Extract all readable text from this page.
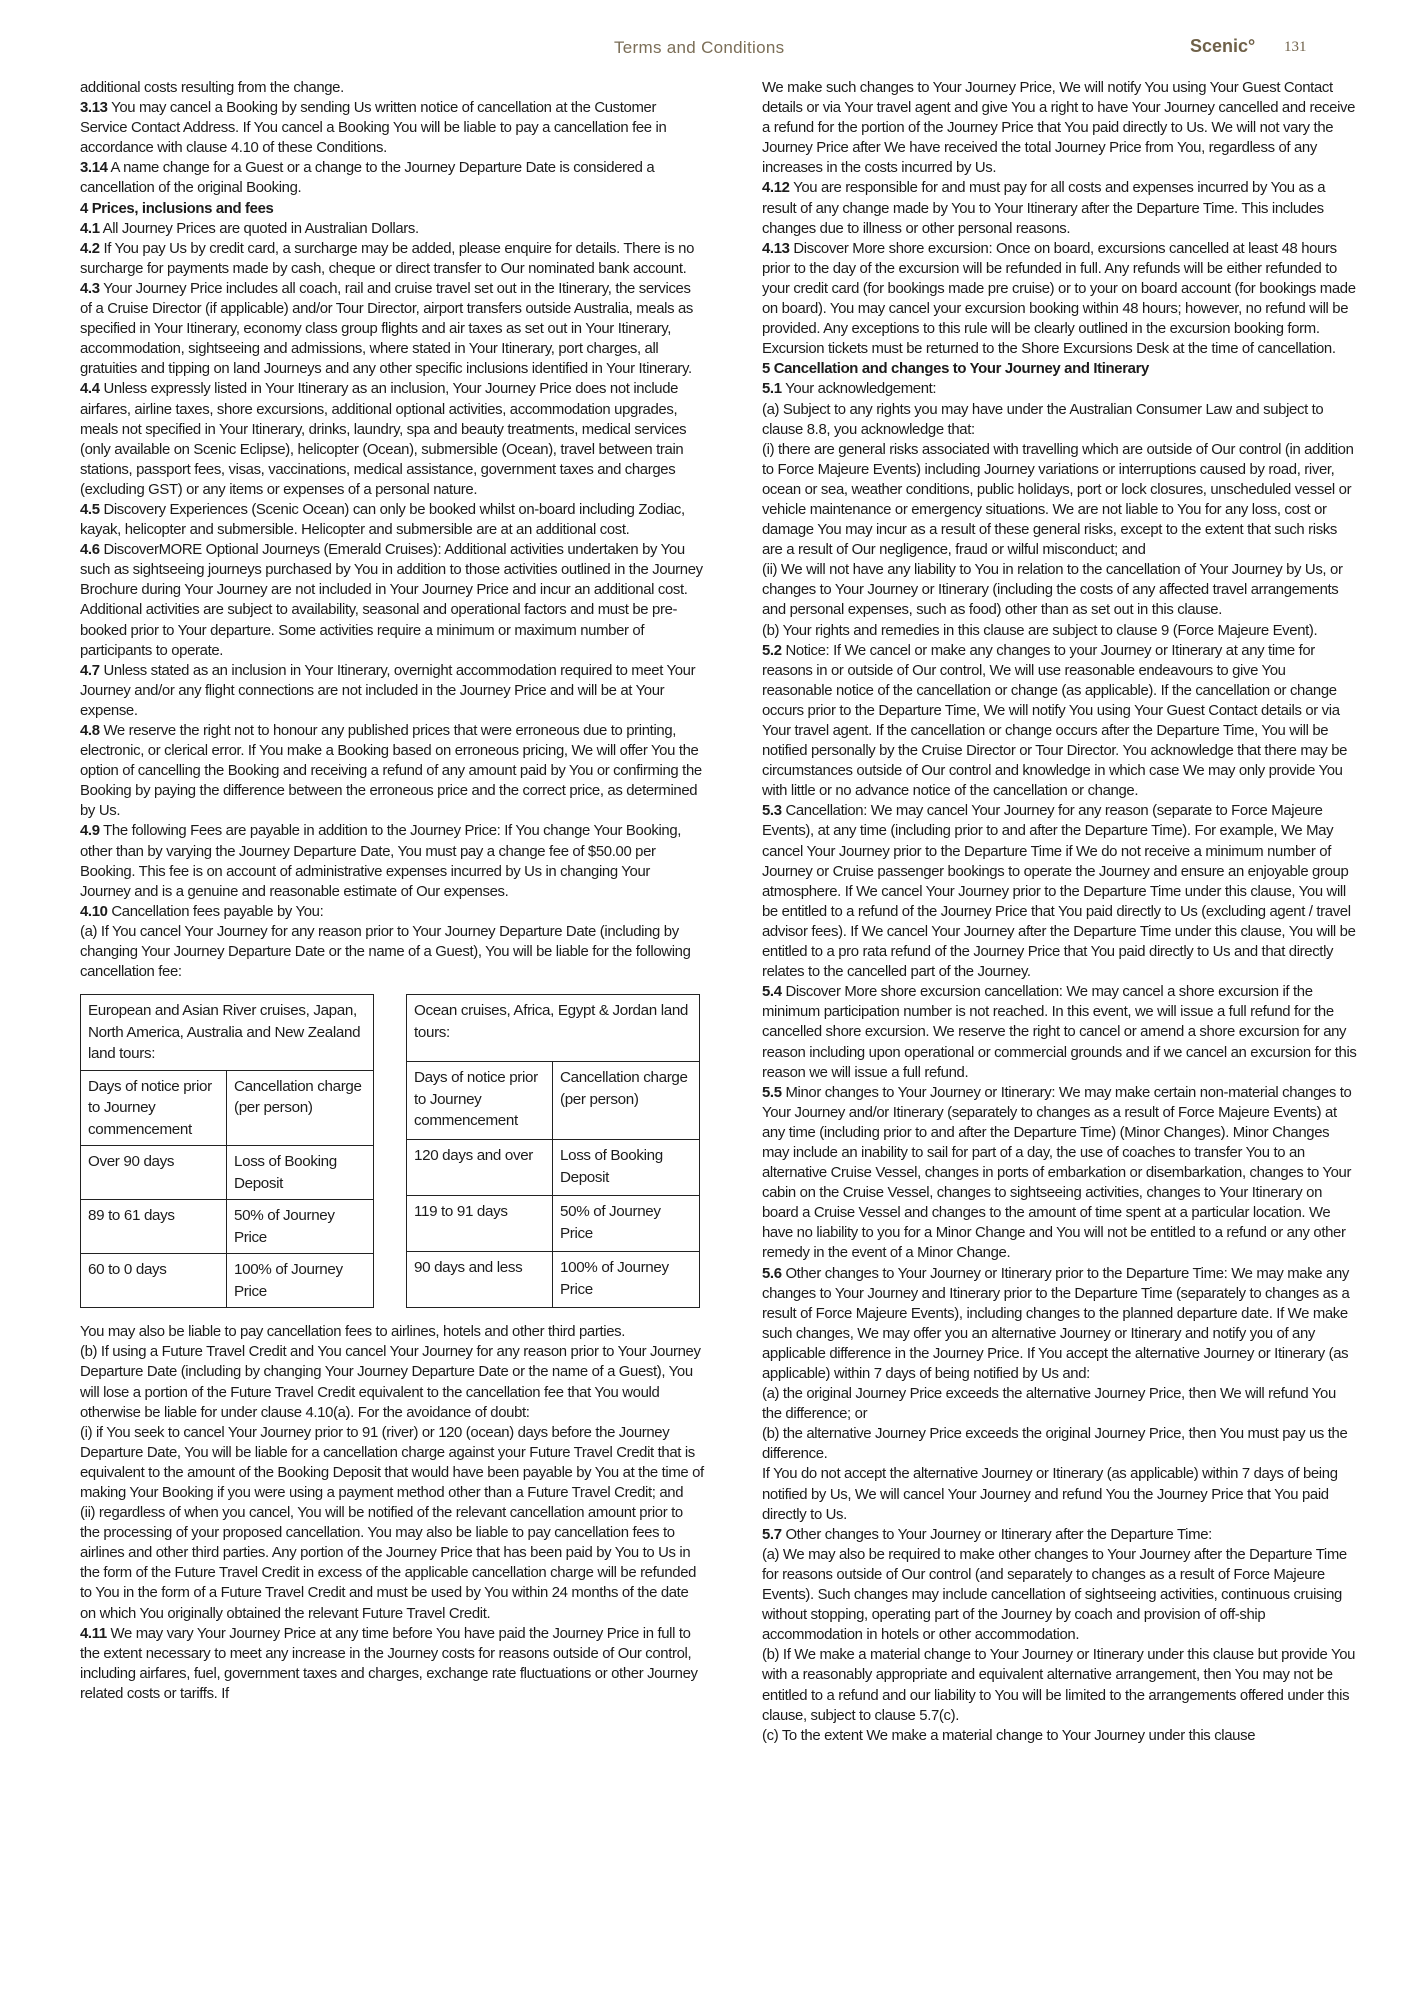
Terms and Conditions	Scenic° 131

additional costs resulting from the change.

3.13 You may cancel a Booking by sending Us written notice of cancellation at the Customer Service Contact Address. If You cancel a Booking You will be liable to pay a cancellation fee in accordance with clause 4.10 of these Conditions.

3.14 A name change for a Guest or a change to the Journey Departure Date is considered a cancellation of the original Booking.

4 Prices, inclusions and fees

4.1 All Journey Prices are quoted in Australian Dollars.

4.2 If You pay Us by credit card, a surcharge may be added, please enquire for details. There is no surcharge for payments made by cash, cheque or direct transfer to Our nominated bank account.

4.3 Your Journey Price includes all coach, rail and cruise travel set out in the Itinerary, the services of a Cruise Director (if applicable) and/or Tour Director, airport transfers outside Australia, meals as specified in Your Itinerary, economy class group flights and air taxes as set out in Your Itinerary, accommodation, sightseeing and admissions, where stated in Your Itinerary, port charges, all gratuities and tipping on land Journeys and any other specific inclusions identified in Your Itinerary.

4.4 Unless expressly listed in Your Itinerary as an inclusion, Your Journey Price does not include airfares, airline taxes, shore excursions, additional optional activities, accommodation upgrades, meals not specified in Your Itinerary, drinks, laundry, spa and beauty treatments, medical services (only available on Scenic Eclipse), helicopter (Ocean), submersible (Ocean), travel between train stations, passport fees, visas, vaccinations, medical assistance, government taxes and charges (excluding GST) or any items or expenses of a personal nature.

4.5 Discovery Experiences (Scenic Ocean) can only be booked whilst on-board including Zodiac, kayak, helicopter and submersible. Helicopter and submersible are at an additional cost.

4.6 DiscoverMORE Optional Journeys (Emerald Cruises): Additional activities undertaken by You such as sightseeing journeys purchased by You in addition to those activities outlined in the Journey Brochure during Your Journey are not included in Your Journey Price and incur an additional cost. Additional activities are subject to availability, seasonal and operational factors and must be pre-booked prior to Your departure. Some activities require a minimum or maximum number of participants to operate.

4.7 Unless stated as an inclusion in Your Itinerary, overnight accommodation required to meet Your Journey and/or any flight connections are not included in the Journey Price and will be at Your expense.

4.8 We reserve the right not to honour any published prices that were erroneous due to printing, electronic, or clerical error. If You make a Booking based on erroneous pricing, We will offer You the option of cancelling the Booking and receiving a refund of any amount paid by You or confirming the Booking by paying the difference between the erroneous price and the correct price, as determined by Us.

4.9 The following Fees are payable in addition to the Journey Price: If You change Your Booking, other than by varying the Journey Departure Date, You must pay a change fee of $50.00 per Booking. This fee is on account of administrative expenses incurred by Us in changing Your Journey and is a genuine and reasonable estimate of Our expenses.

4.10 Cancellation fees payable by You:

(a) If You cancel Your Journey for any reason prior to Your Journey Departure Date (including by changing Your Journey Departure Date or the name of a Guest), You will be liable for the following cancellation fee:

European and Asian River cruises, Japan, North America, Australia and New Zealand land tours:	
Days of notice prior to Journey commencement	Cancellation charge (per person)
Over 90 days	Loss of Booking Deposit
89 to 61 days	50% of Journey Price
60 to 0 days	100% of Journey Price
Ocean cruises, Africa, Egypt & Jordan land tours:	
Days of notice prior to Journey commencement	Cancellation charge (per person)
120 days and over	Loss of Booking Deposit
119 to 91 days	50% of Journey Price
90 days and less	100% of Journey Price

You may also be liable to pay cancellation fees to airlines, hotels and other third parties.

(b) If using a Future Travel Credit and You cancel Your Journey for any reason prior to Your Journey Departure Date (including by changing Your Journey Departure Date or the name of a Guest), You will lose a portion of the Future Travel Credit equivalent to the cancellation fee that You would otherwise be liable for under clause 4.10(a). For the avoidance of doubt:

(i) if You seek to cancel Your Journey prior to 91 (river) or 120 (ocean) days before the Journey Departure Date, You will be liable for a cancellation charge against your Future Travel Credit that is equivalent to the amount of the Booking Deposit that would have been payable by You at the time of making Your Booking if you were using a payment method other than a Future Travel Credit; and

(ii) regardless of when you cancel, You will be notified of the relevant cancellation amount prior to the processing of your proposed cancellation. You may also be liable to pay cancellation fees to airlines and other third parties. Any portion of the Journey Price that has been paid by You to Us in the form of the Future Travel Credit in excess of the applicable cancellation charge will be refunded to You in the form of a Future Travel Credit and must be used by You within 24 months of the date on which You originally obtained the relevant Future Travel Credit.

4.11 We may vary Your Journey Price at any time before You have paid the Journey Price in full to the extent necessary to meet any increase in the Journey costs for reasons outside of Our control, including airfares, fuel, government taxes and charges, exchange rate fluctuations or other Journey related costs or tariffs. If

We make such changes to Your Journey Price, We will notify You using Your Guest Contact details or via Your travel agent and give You a right to have Your Journey cancelled and receive a refund for the portion of the Journey Price that You paid directly to Us. We will not vary the Journey Price after We have received the total Journey Price from You, regardless of any increases in the costs incurred by Us.

4.12 You are responsible for and must pay for all costs and expenses incurred by You as a result of any change made by You to Your Itinerary after the Departure Time. This includes changes due to illness or other personal reasons.

4.13 Discover More shore excursion: Once on board, excursions cancelled at least 48 hours prior to the day of the excursion will be refunded in full. Any refunds will be either refunded to your credit card (for bookings made pre cruise) or to your on board account (for bookings made on board). You may cancel your excursion booking within 48 hours; however, no refund will be provided. Any exceptions to this rule will be clearly outlined in the excursion booking form. Excursion tickets must be returned to the Shore Excursions Desk at the time of cancellation.

5 Cancellation and changes to Your Journey and Itinerary

5.1 Your acknowledgement:

(a) Subject to any rights you may have under the Australian Consumer Law and subject to clause 8.8, you acknowledge that:

(i) there are general risks associated with travelling which are outside of Our control (in addition to Force Majeure Events) including Journey variations or interruptions caused by road, river, ocean or sea, weather conditions, public holidays, port or lock closures, unscheduled vessel or vehicle maintenance or emergency situations. We are not liable to You for any loss, cost or damage You may incur as a result of these general risks, except to the extent that such risks are a result of Our negligence, fraud or wilful misconduct; and

(ii) We will not have any liability to You in relation to the cancellation of Your Journey by Us, or changes to Your Journey or Itinerary (including the costs of any affected travel arrangements and personal expenses, such as food) other than as set out in this clause.

(b) Your rights and remedies in this clause are subject to clause 9 (Force Majeure Event).

5.2 Notice: If We cancel or make any changes to your Journey or Itinerary at any time for reasons in or outside of Our control, We will use reasonable endeavours to give You reasonable notice of the cancellation or change (as applicable). If the cancellation or change occurs prior to the Departure Time, We will notify You using Your Guest Contact details or via Your travel agent. If the cancellation or change occurs after the Departure Time, You will be notified personally by the Cruise Director or Tour Director. You acknowledge that there may be circumstances outside of Our control and knowledge in which case We may only provide You with little or no advance notice of the cancellation or change.

5.3 Cancellation: We may cancel Your Journey for any reason (separate to Force Majeure Events), at any time (including prior to and after the Departure Time). For example, We May cancel Your Journey prior to the Departure Time if We do not receive a minimum number of Journey or Cruise passenger bookings to operate the Journey and ensure an enjoyable group atmosphere. If We cancel Your Journey prior to the Departure Time under this clause, You will be entitled to a refund of the Journey Price that You paid directly to Us (excluding agent / travel advisor fees). If We cancel Your Journey after the Departure Time under this clause, You will be entitled to a pro rata refund of the Journey Price that You paid directly to Us and that directly relates to the cancelled part of the Journey.

5.4 Discover More shore excursion cancellation: We may cancel a shore excursion if the minimum participation number is not reached. In this event, we will issue a full refund for the cancelled shore excursion. We reserve the right to cancel or amend a shore excursion for any reason including upon operational or commercial grounds and if we cancel an excursion for this reason we will issue a full refund.

5.5 Minor changes to Your Journey or Itinerary: We may make certain non-material changes to Your Journey and/or Itinerary (separately to changes as a result of Force Majeure Events) at any time (including prior to and after the Departure Time) (Minor Changes). Minor Changes may include an inability to sail for part of a day, the use of coaches to transfer You to an alternative Cruise Vessel, changes in ports of embarkation or disembarkation, changes to Your cabin on the Cruise Vessel, changes to sightseeing activities, changes to Your Itinerary on board a Cruise Vessel and changes to the amount of time spent at a particular location. We have no liability to you for a Minor Change and You will not be entitled to a refund or any other remedy in the event of a Minor Change.

5.6 Other changes to Your Journey or Itinerary prior to the Departure Time: We may make any changes to Your Journey and Itinerary prior to the Departure Time (separately to changes as a result of Force Majeure Events), including changes to the planned departure date. If We make such changes, We may offer you an alternative Journey or Itinerary and notify you of any applicable difference in the Journey Price. If You accept the alternative Journey or Itinerary (as applicable) within 7 days of being notified by Us and:

(a) the original Journey Price exceeds the alternative Journey Price, then We will refund You the difference; or

(b) the alternative Journey Price exceeds the original Journey Price, then You must pay us the difference.

If You do not accept the alternative Journey or Itinerary (as applicable) within 7 days of being notified by Us, We will cancel Your Journey and refund You the Journey Price that You paid directly to Us.

5.7 Other changes to Your Journey or Itinerary after the Departure Time:

(a) We may also be required to make other changes to Your Journey after the Departure Time for reasons outside of Our control (and separately to changes as a result of Force Majeure Events). Such changes may include cancellation of sightseeing activities, continuous cruising without stopping, operating part of the Journey by coach and provision of off-ship accommodation in hotels or other accommodation.

(b) If We make a material change to Your Journey or Itinerary under this clause but provide You with a reasonably appropriate and equivalent alternative arrangement, then You may not be entitled to a refund and our liability to You will be limited to the arrangements offered under this clause, subject to clause 5.7(c).

(c) To the extent We make a material change to Your Journey under this clause
